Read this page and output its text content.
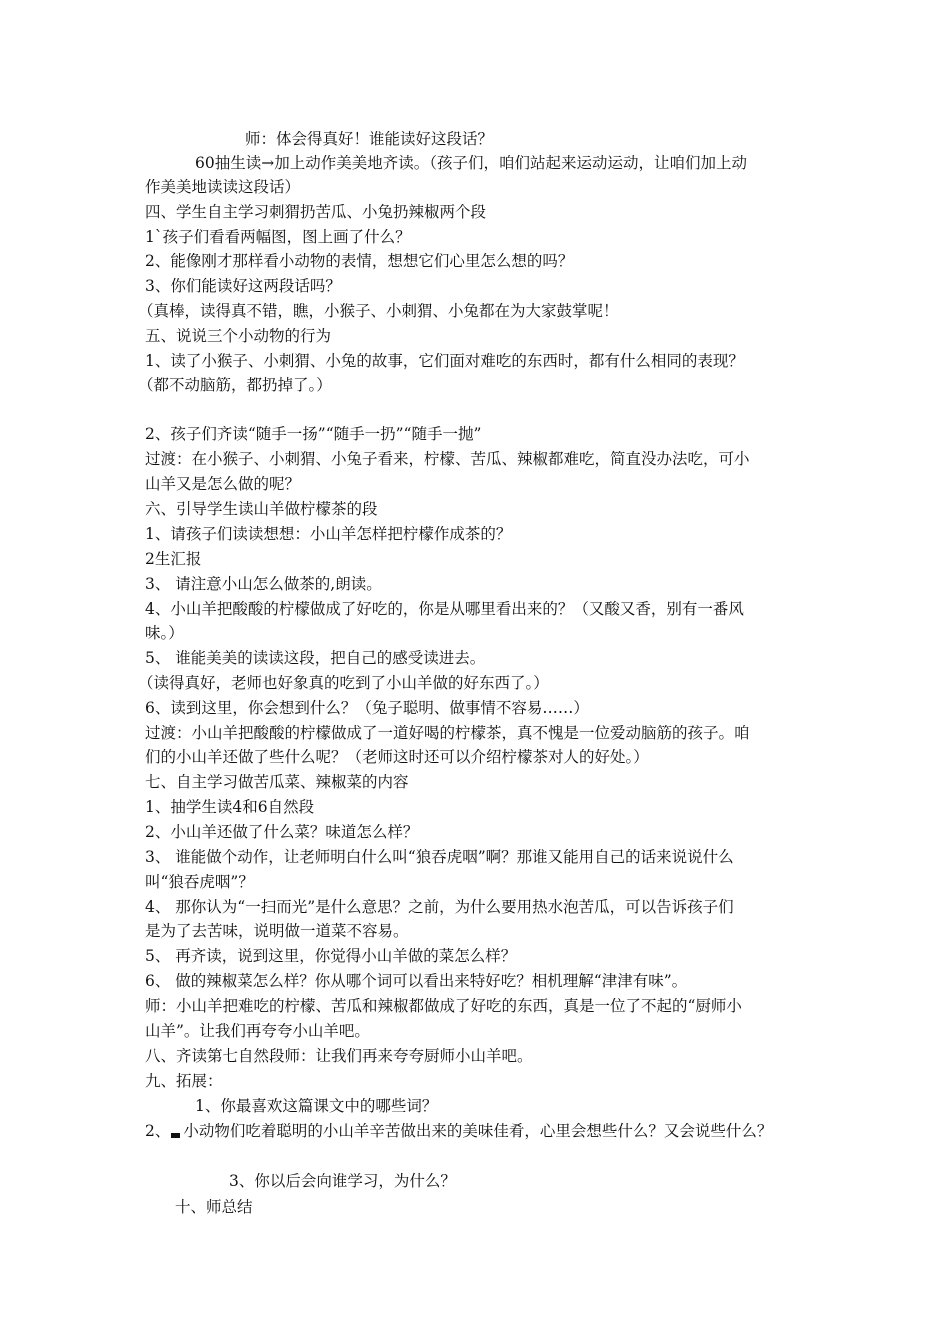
师：体会得真好！谁能读好这段话？
60抽生读→加上动作美美地齐读。（孩子们，咱们站起来运动运动，让咱们加上动
作美美地读读这段话）
四、学生自主学习刺猬扔苦瓜、小兔扔辣椒两个段
1`孩子们看看两幅图，图上画了什么？
2、能像刚才那样看小动物的表情，想想它们心里怎么想的吗？
3、你们能读好这两段话吗？
（真棒，读得真不错，瞧，小猴子、小刺猬、小兔都在为大家鼓掌呢！
五、说说三个小动物的行为
1、读了小猴子、小刺猬、小兔的故事，它们面对难吃的东西时，都有什么相同的表现？
（都不动脑筋，都扔掉了。）
2、孩子们齐读“随手一扬”“随手一扔”“随手一抛”
过渡：在小猴子、小刺猬、小兔子看来，柠檬、苦瓜、辣椒都难吃，简直没办法吃，可小
山羊又是怎么做的呢？
六、引导学生读山羊做柠檬茶的段
1、请孩子们读读想想：小山羊怎样把柠檬作成茶的？
2生汇报
3、 请注意小山怎么做茶的,朗读。
4、小山羊把酸酸的柠檬做成了好吃的，你是从哪里看出来的？（又酸又香，别有一番风
味。）
5、 谁能美美的读读这段，把自己的感受读进去。
（读得真好，老师也好象真的吃到了小山羊做的好东西了。）
6、读到这里，你会想到什么？（兔子聪明、做事情不容易……）
过渡：小山羊把酸酸的柠檬做成了一道好喝的柠檬茶，真不愧是一位爱动脑筋的孩子。咱
们的小山羊还做了些什么呢？（老师这时还可以介绍柠檬茶对人的好处。）
七、自主学习做苦瓜菜、辣椒菜的内容
1、抽学生读4和6自然段
2、小山羊还做了什么菜？味道怎么样？
3、 谁能做个动作，让老师明白什么叫“狼吞虎咽”啊？那谁又能用自己的话来说说什么
叫“狼吞虎咽”？
4、 那你认为“一扫而光”是什么意思？之前，为什么要用热水泡苦瓜，可以告诉孩子们
是为了去苦味，说明做一道菜不容易。
5、 再齐读，说到这里，你觉得小山羊做的菜怎么样？
6、 做的辣椒菜怎么样？你从哪个词可以看出来特好吃？相机理解“津津有味”。
师：小山羊把难吃的柠檬、苦瓜和辣椒都做成了好吃的东西，真是一位了不起的“厨师小
山羊”。让我们再夸夸小山羊吧。
八、齐读第七自然段师：让我们再来夸夸厨师小山羊吧。
九、拓展：
1、你最喜欢这篇课文中的哪些词？
2、 小动物们吃着聪明的小山羊辛苦做出来的美味佳肴，心里会想些什么？又会说些什么？
3、你以后会向谁学习，为什么？
十、师总结
